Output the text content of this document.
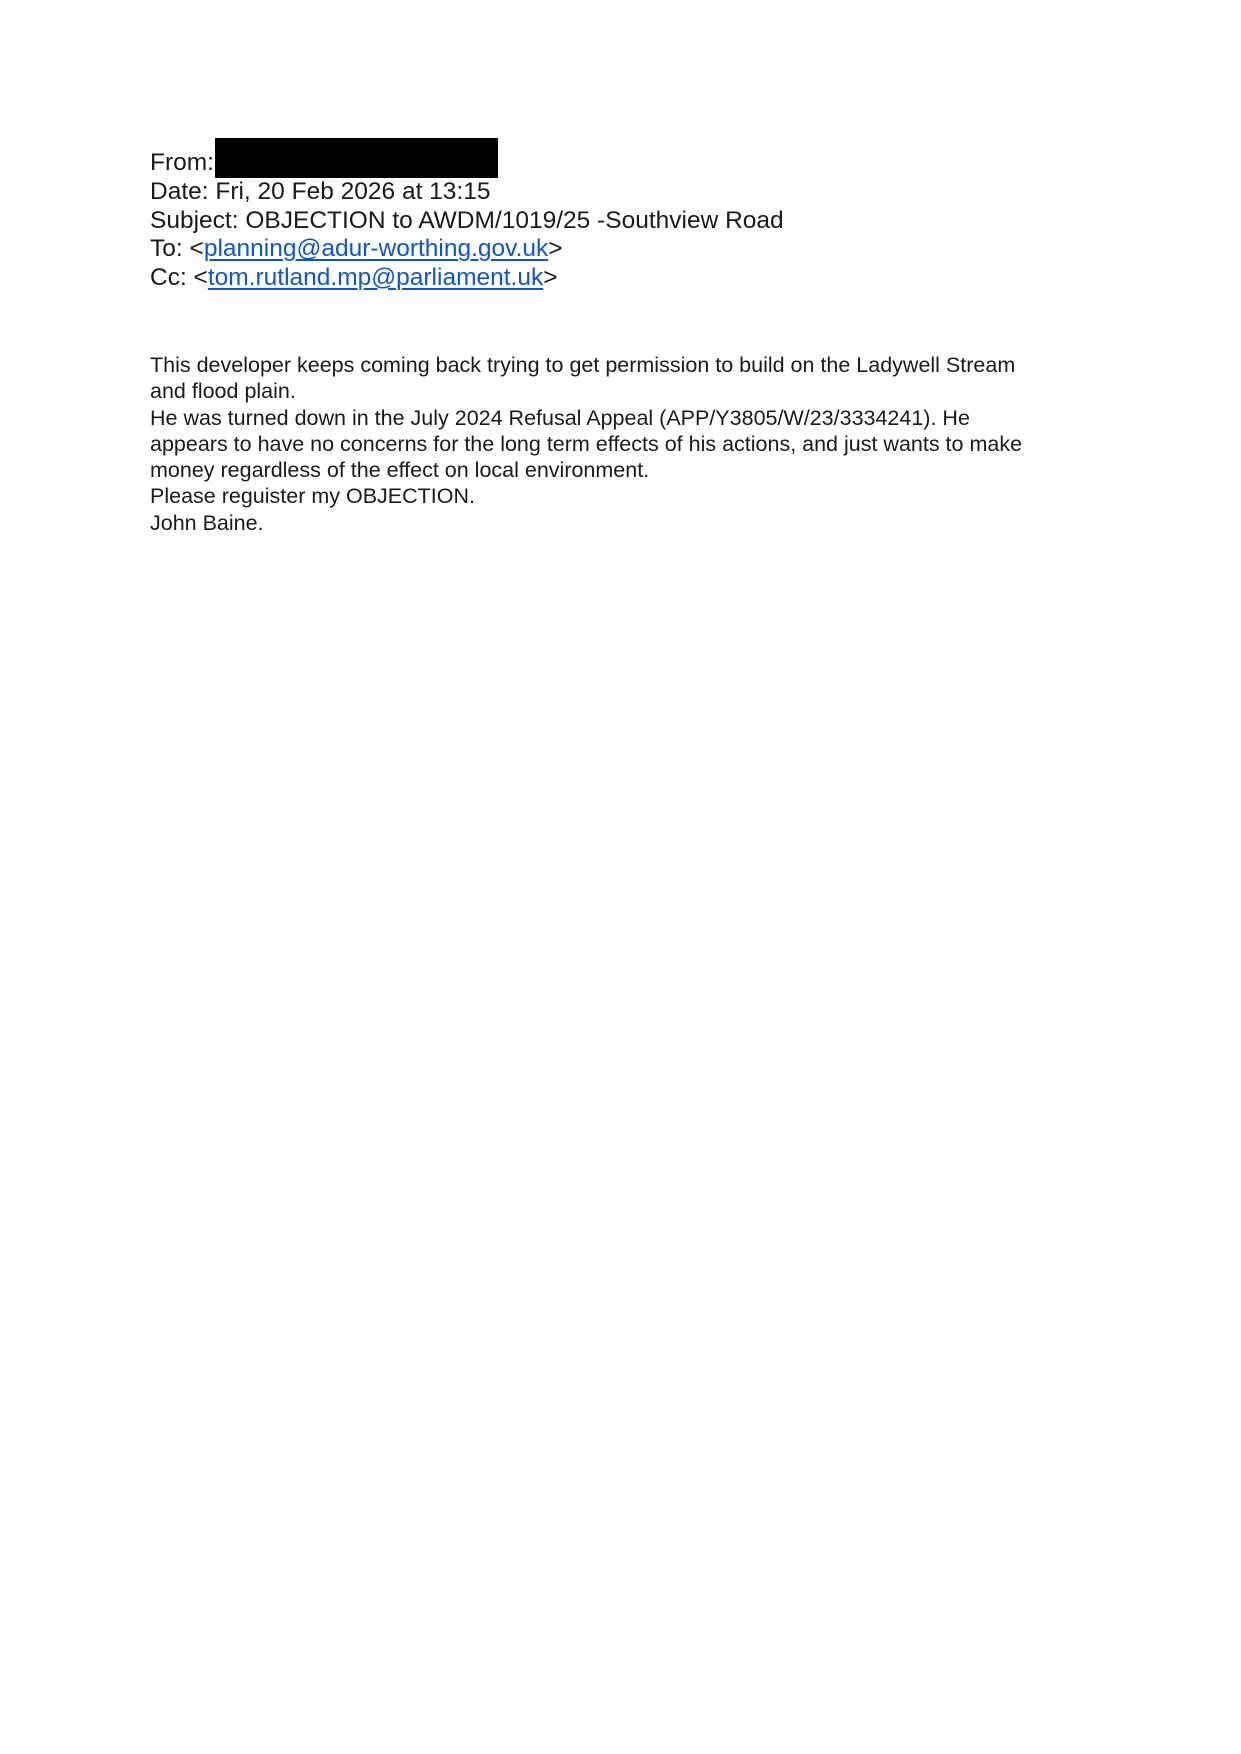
From:
Date: Fri, 20 Feb 2026 at 13:15
Subject: OBJECTION to AWDM/1019/25 -Southview Road
To: <planning@adur-worthing.gov.uk>
Cc: <tom.rutland.mp@parliament.uk>
This developer keeps coming back trying to get permission to build on the Ladywell Stream
and flood plain.
He was turned down in the July 2024 Refusal Appeal (APP/Y3805/W/23/3334241). He
appears to have no concerns for the long term effects of his actions, and just wants to make
money regardless of the effect on local environment.
Please reguister my OBJECTION.
John Baine.
